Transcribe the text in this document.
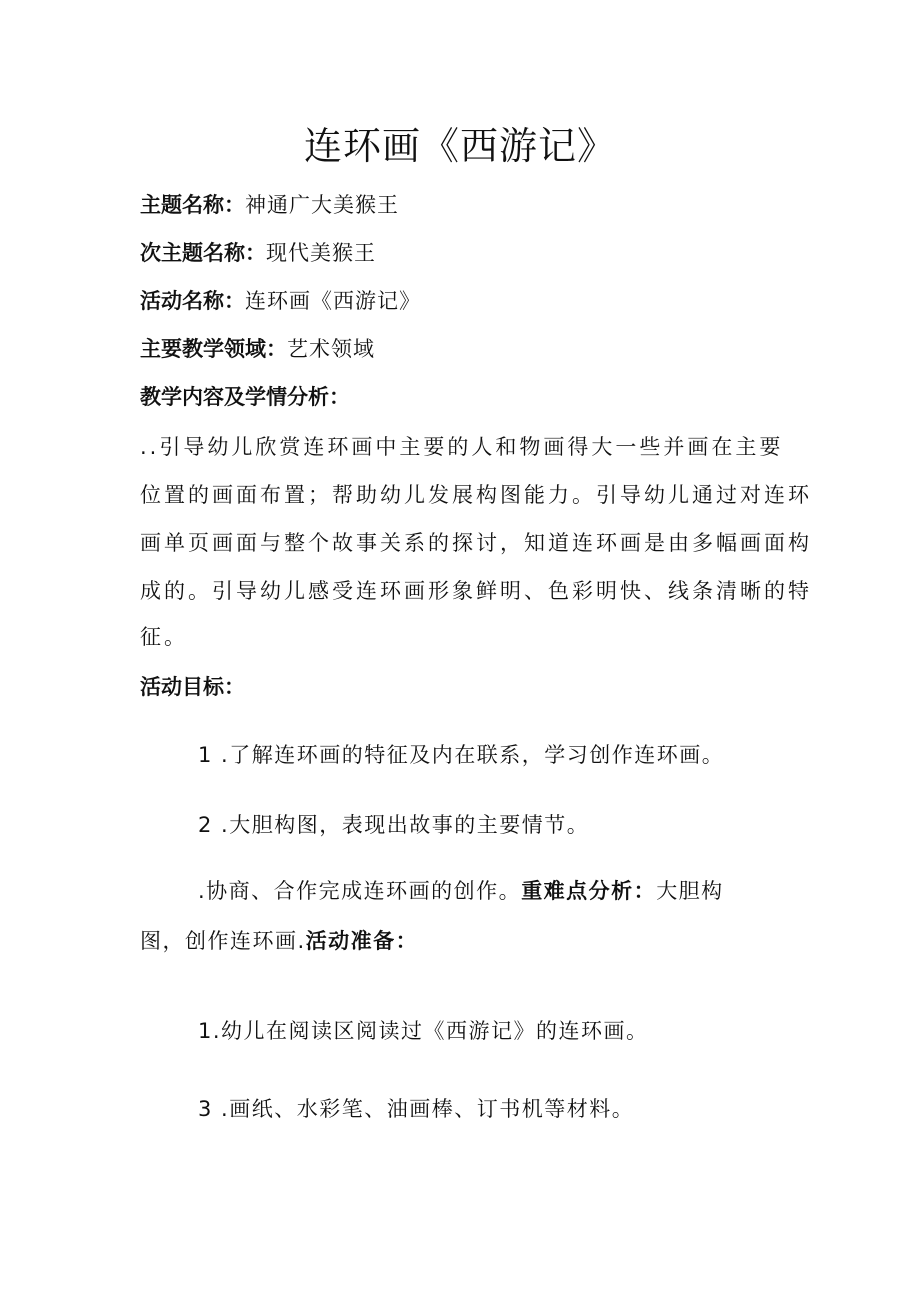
连环画《西游记》
主题名称：神通广大美猴王
次主题名称：现代美猴王
活动名称：连环画《西游记》
主要教学领域：艺术领域
教学内容及学情分析：
..引导幼儿欣赏连环画中主要的人和物画得大一些并画在主要
位置的画面布置；帮助幼儿发展构图能力。引导幼儿通过对连环
画单页画面与整个故事关系的探讨，知道连环画是由多幅画面构
成的。引导幼儿感受连环画形象鲜明、色彩明快、线条清晰的特
征。
活动目标：
1 .了解连环画的特征及内在联系，学习创作连环画。
2 .大胆构图，表现出故事的主要情节。
.协商、合作完成连环画的创作。重难点分析：大胆构
图，创作连环画.活动准备：
1.幼儿在阅读区阅读过《西游记》的连环画。
3 .画纸、水彩笔、油画棒、订书机等材料。
